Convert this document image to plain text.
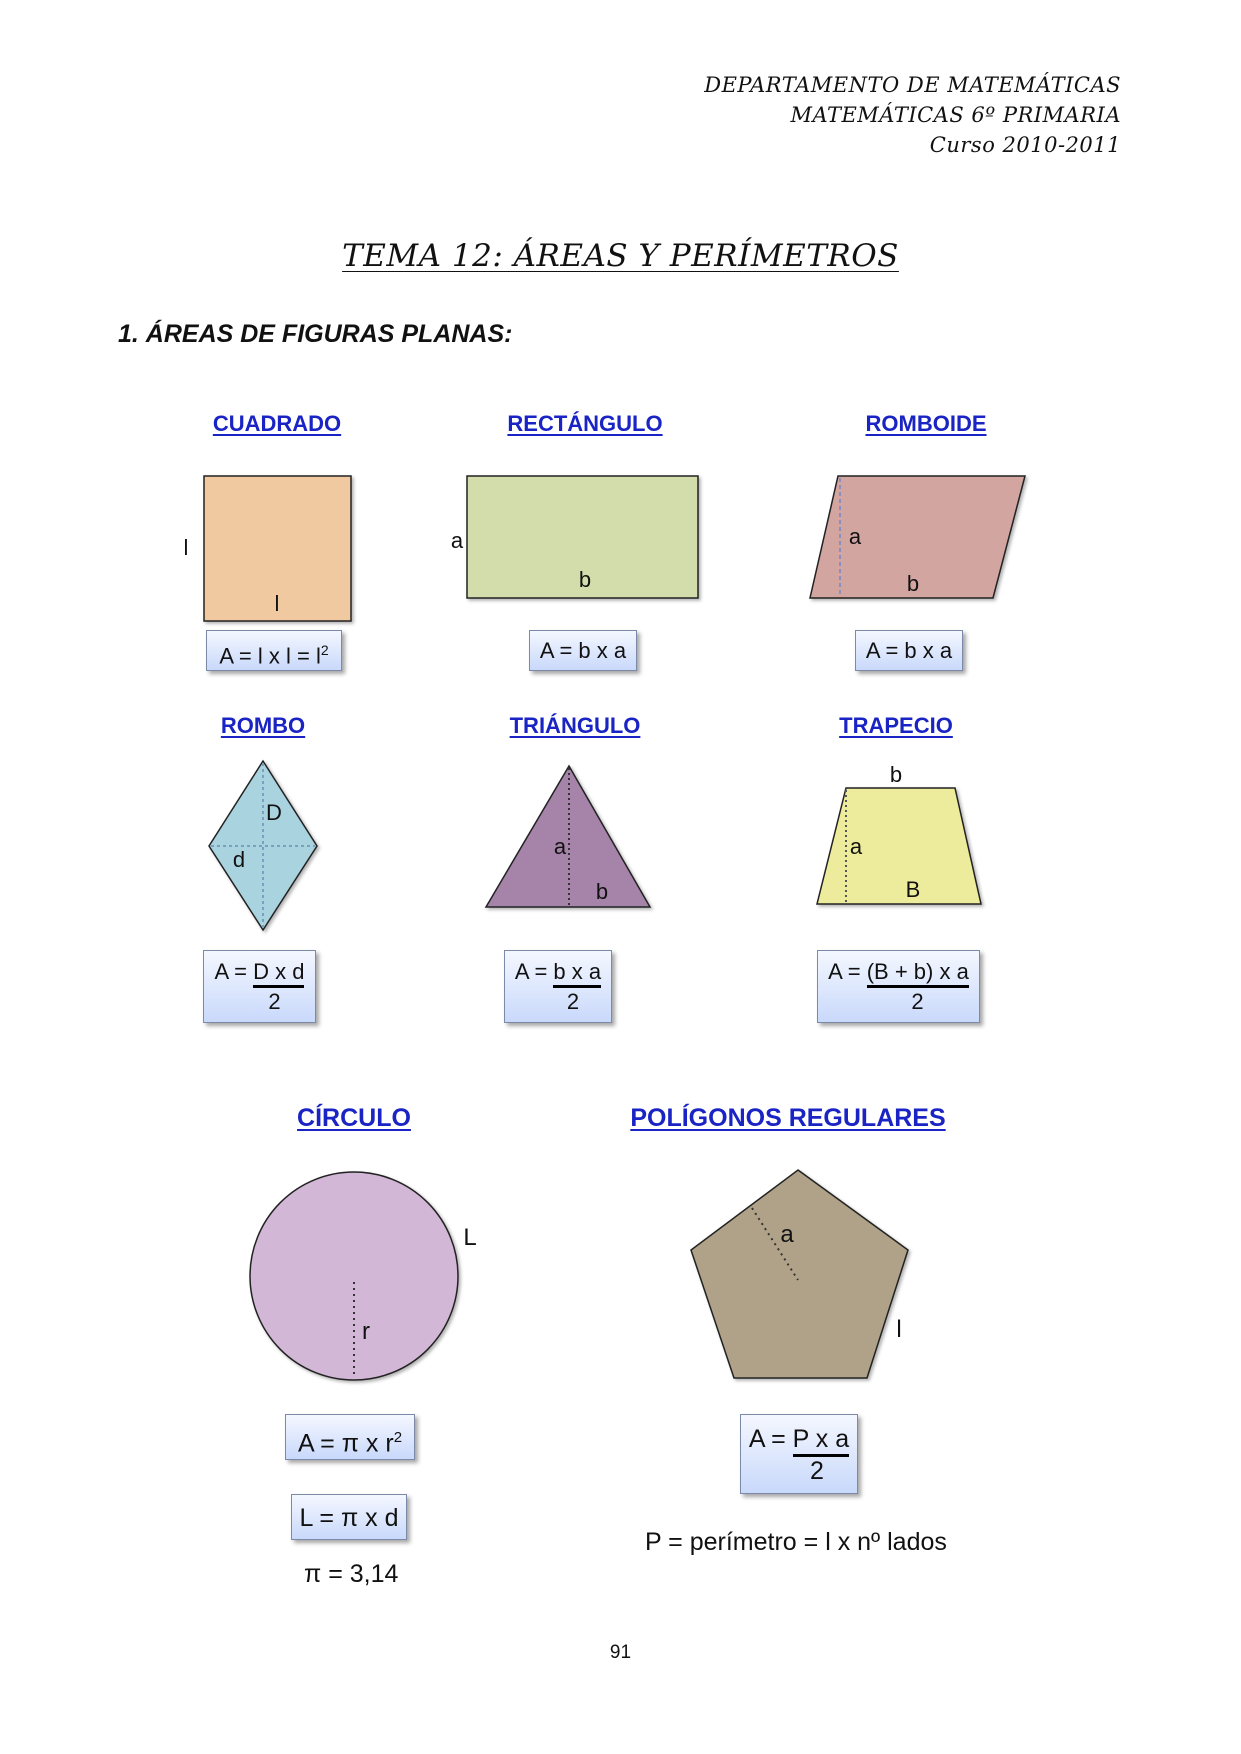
DEPARTAMENTO DE MATEMÁTICAS
MATEMÁTICAS 6º PRIMARIA
Curso 2010-2011
TEMA 12: ÁREAS Y PERÍMETROS
1. ÁREAS DE FIGURAS PLANAS:
CUADRADO
l
l
A = l x $l = l^2$
RECTÁNGULO
a
b
A = b x a
ROMBOIDE
a
b
A = b x a
ROMBO
D
d
A = D x d
2
TRIÁNGULO
a
b
A = b x a
2
TRAPECIO
b
a
B
A = (B + b) x a
2
CÍRCULO
L
r
A = π x $r^2$
L = π x d
π = 3,14
POLÍGONOS REGULARES
a
l
A = P x a
2
P = perímetro = l x nº lados
91
